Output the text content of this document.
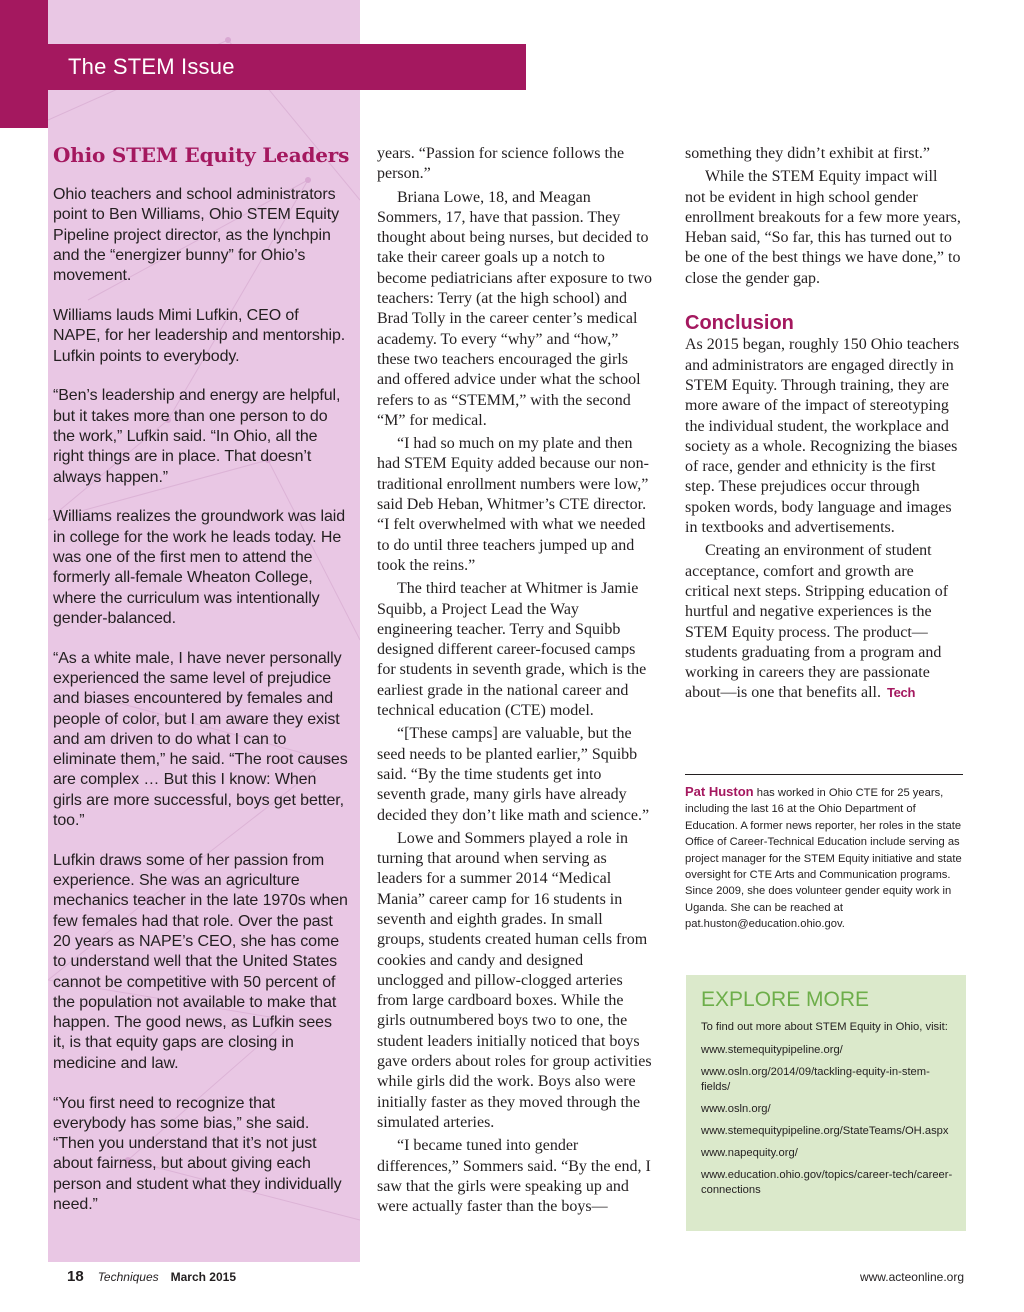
The STEM Issue
Ohio STEM Equity Leaders

Ohio teachers and school administrators point to Ben Williams, Ohio STEM Equity Pipeline project director, as the lynchpin and the “energizer bunny” for Ohio’s movement.

Williams lauds Mimi Lufkin, CEO of NAPE, for her leadership and mentorship. Lufkin points to everybody.

“Ben’s leadership and energy are helpful, but it takes more than one person to do the work,” Lufkin said. “In Ohio, all the right things are in place. That doesn’t always happen.”

Williams realizes the groundwork was laid in college for the work he leads today. He was one of the first men to attend the formerly all-female Wheaton College, where the curriculum was intentionally gender-balanced.

“As a white male, I have never personally experienced the same level of prejudice and biases encountered by females and people of color, but I am aware they exist and am driven to do what I can to eliminate them,” he said. “The root causes are complex … But this I know: When girls are more successful, boys get better, too.”

Lufkin draws some of her passion from experience. She was an agriculture mechanics teacher in the late 1970s when few females had that role. Over the past 20 years as NAPE’s CEO, she has come to understand well that the United States cannot be competitive with 50 percent of the population not available to make that happen. The good news, as Lufkin sees it, is that equity gaps are closing in medicine and law.

“You first need to recognize that everybody has some bias,” she said. “Then you understand that it’s not just about fairness, but about giving each person and student what they individually need.”

years. “Passion for science follows the person.”

Briana Lowe, 18, and Meagan Sommers, 17, have that passion. They thought about being nurses, but decided to take their career goals up a notch to become pediatricians after exposure to two teachers: Terry (at the high school) and Brad Tolly in the career center’s medical academy. To every “why” and “how,” these two teachers encouraged the girls and offered advice under what the school refers to as “STEMM,” with the second “M” for medical.

“I had so much on my plate and then had STEM Equity added because our non-traditional enrollment numbers were low,” said Deb Heban, Whitmer’s CTE director. “I felt overwhelmed with what we needed to do until three teachers jumped up and took the reins.”

The third teacher at Whitmer is Jamie Squibb, a Project Lead the Way engineering teacher. Terry and Squibb designed different career-focused camps for students in seventh grade, which is the earliest grade in the national career and technical education (CTE) model.

“[These camps] are valuable, but the seed needs to be planted earlier,” Squibb said. “By the time students get into seventh grade, many girls have already decided they don’t like math and science.”

Lowe and Sommers played a role in turning that around when serving as leaders for a summer 2014 “Medical Mania” career camp for 16 students in seventh and eighth grades. In small groups, students created human cells from cookies and candy and designed unclogged and pillow-clogged arteries from large cardboard boxes. While the girls outnumbered boys two to one, the student leaders initially noticed that boys gave orders about roles for group activities while girls did the work. Boys also were initially faster as they moved through the simulated arteries.

“I became tuned into gender differences,” Sommers said. “By the end, I saw that the girls were speaking up and were actually faster than the boys—

something they didn’t exhibit at first.”

While the STEM Equity impact will not be evident in high school gender enrollment breakouts for a few more years, Heban said, “So far, this has turned out to be one of the best things we have done,” to close the gender gap.

Conclusion

As 2015 began, roughly 150 Ohio teachers and administrators are engaged directly in STEM Equity. Through training, they are more aware of the impact of stereotyping the individual student, the workplace and society as a whole. Recognizing the biases of race, gender and ethnicity is the first step. These prejudices occur through spoken words, body language and images in textbooks and advertisements.

Creating an environment of student acceptance, comfort and growth are critical next steps. Stripping education of hurtful and negative experiences is the STEM Equity process. The product—students graduating from a program and working in careers they are passionate about—is one that benefits all. Tech

Pat Huston has worked in Ohio CTE for 25 years, including the last 16 at the Ohio Department of Education. A former news reporter, her roles in the state Office of Career-Technical Education include serving as project manager for the STEM Equity initiative and state oversight for CTE Arts and Communication programs. Since 2009, she does volunteer gender equity work in Uganda. She can be reached at pat.huston@education.ohio.gov.
EXPLORE MORE

To find out more about STEM Equity in Ohio, visit:

www.stemequitypipeline.org/
www.osln.org/2014/09/tackling-equity-in-stem-fields/
www.osln.org/
www.stemequitypipeline.org/StateTeams/OH.aspx
www.napequity.org/
www.education.ohio.gov/topics/career-tech/career-connections
18 Techniques March 2015	www.acteonline.org
